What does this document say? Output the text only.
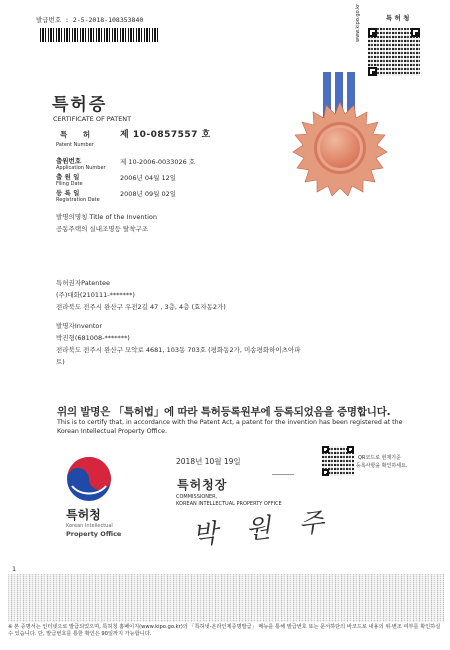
발급번호 : 2-5-2018-108353840	특 허 청
www.kipo.go.kr
특허증
CERTIFICATE OF PATENT
특      허
Patent Number
제 10-0857557 호
출원번호
Application Number
제 10-2006-0033026 호
출 원 일
Filing Date
2006년 04월 12일
등 록 일
Registration Date
2008년 09월 02일
발명의명칭 Title of the Invention
공동주택의 실내조명등 탈착구조
특허권자Patentee
(주)대화(210111-*******)
전라북도 전주시 완산구 우전2길 47 , 3층, 4층 (효자동2가)
발명자Inventor
박진형(681008-*******)
전라북도 전주시 완산구 모악로 4681, 103동 703호 (평화동2가, 미송평화하이츠아파
트)
위의 발명은 「특허법」에 따라 특허등록원부에 등록되었음을 증명합니다.
This is to certify that, in accordance with the Patent Act, a patent for the invention has been registered at the
Korean Intellectual Property Office.
2018년 10월 19일	QR코드로 현재기준
등록사항을 확인하세요.
특허청장
COMMISSIONER,
KOREAN INTELLECTUAL PROPERTY OFFICE
박 원 주
특허청
Korean Intellectual
Property Office
1
※ 본 증명서는 인터넷으로 발급되었으며, 특허청 홈페이지(www.kipo.go.kr)의 「특허넷-온라인제증명발급」 메뉴를 통해 발급번호 또는 문서하단의 바코드로 내용의 위·변조 여부를 확인하실 수 있습니다. 단, 발급번호를 통한 확인은 90일까지 가능합니다.
